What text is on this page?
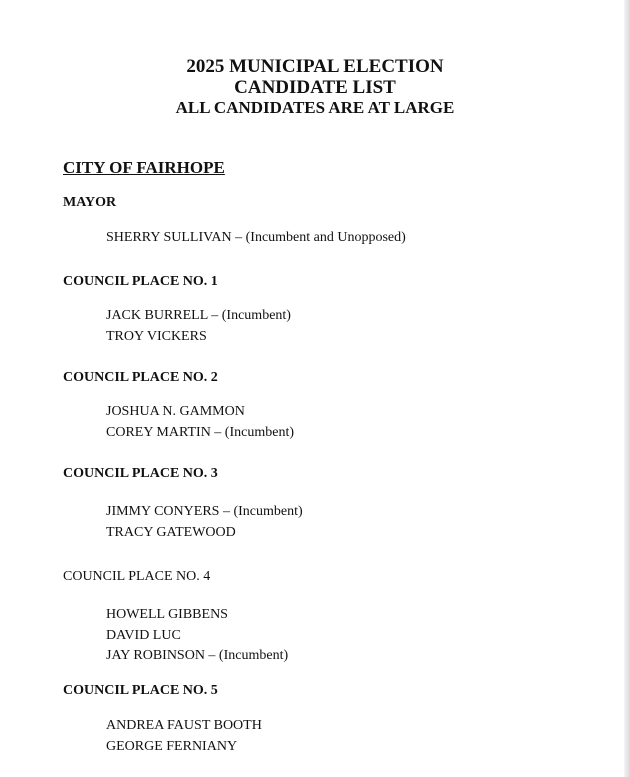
2025 MUNICIPAL ELECTION
CANDIDATE LIST
ALL CANDIDATES ARE AT LARGE
CITY OF FAIRHOPE
MAYOR
SHERRY SULLIVAN – (Incumbent and Unopposed)
COUNCIL PLACE NO. 1
JACK BURRELL – (Incumbent)
TROY VICKERS
COUNCIL PLACE NO. 2
JOSHUA N. GAMMON
COREY MARTIN – (Incumbent)
COUNCIL PLACE NO. 3
JIMMY CONYERS – (Incumbent)
TRACY GATEWOOD
COUNCIL PLACE NO. 4
HOWELL GIBBENS
DAVID LUC
JAY ROBINSON – (Incumbent)
COUNCIL PLACE NO. 5
ANDREA FAUST BOOTH
GEORGE FERNIANY
